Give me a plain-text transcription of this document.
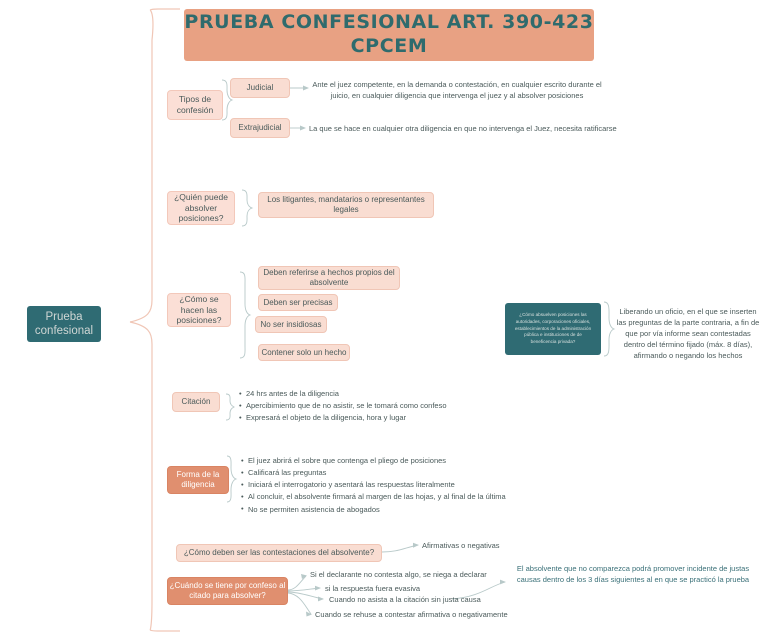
PRUEBA CONFESIONAL ART. 390-423 CPCEM
Prueba confesional
Tipos de confesión
Judicial	Ante el juez competente, en la demanda o contestación, en cualquier escrito durante el juicio, en cualquier diligencia que intervenga el juez y al absolver posiciones
Extrajudicial	La que se hace en cualquier otra diligencia en que no intervenga el Juez, necesita ratificarse
¿Quién puede absolver posiciones?
Los litigantes, mandatarios o representantes legales
¿Cómo se hacen las posiciones?
Deben referirse a hechos propios del absolvente
Deben ser precisas
No ser insidiosas
Contener solo un hecho
¿Cómo absuelven posiciones las autoridades, corporaciones oficiales, establecimientos de la administración pública e instituciones de de beneficencia privada?
Liberando un oficio, en el que se inserten las preguntas de la parte contraria, a fin de que por vía informe sean contestadas dentro del término fijado (máx. 8 días), afirmando o negando los hechos
Citación
• 24 hrs antes de la diligencia
• Apercibimiento que de no asistir, se le tomará como confeso
• Expresará el objeto de la diligencia, hora y lugar
Forma de la diligencia
• El juez abrirá el sobre que contenga el pliego de posiciones
• Calificará las preguntas
• Iniciará el interrogatorio y asentará las respuestas literalmente
• Al concluir, el absolvente firmará al margen de las hojas, y al final de la última
• No se permiten asistencia de abogados
¿Cómo deben ser las contestaciones del absolvente?
Afirmativas o negativas
¿Cuándo se tiene por confeso al citado para absolver?
Si el declarante no contesta algo, se niega a declarar
si la respuesta fuera evasiva
Cuando no asista a la citación sin justa causa
Cuando se rehuse a contestar afirmativa o negativamente
El absolvente que no comparezca podrá promover incidente de justas causas dentro de los 3 días siguientes al en que se practicó la prueba
